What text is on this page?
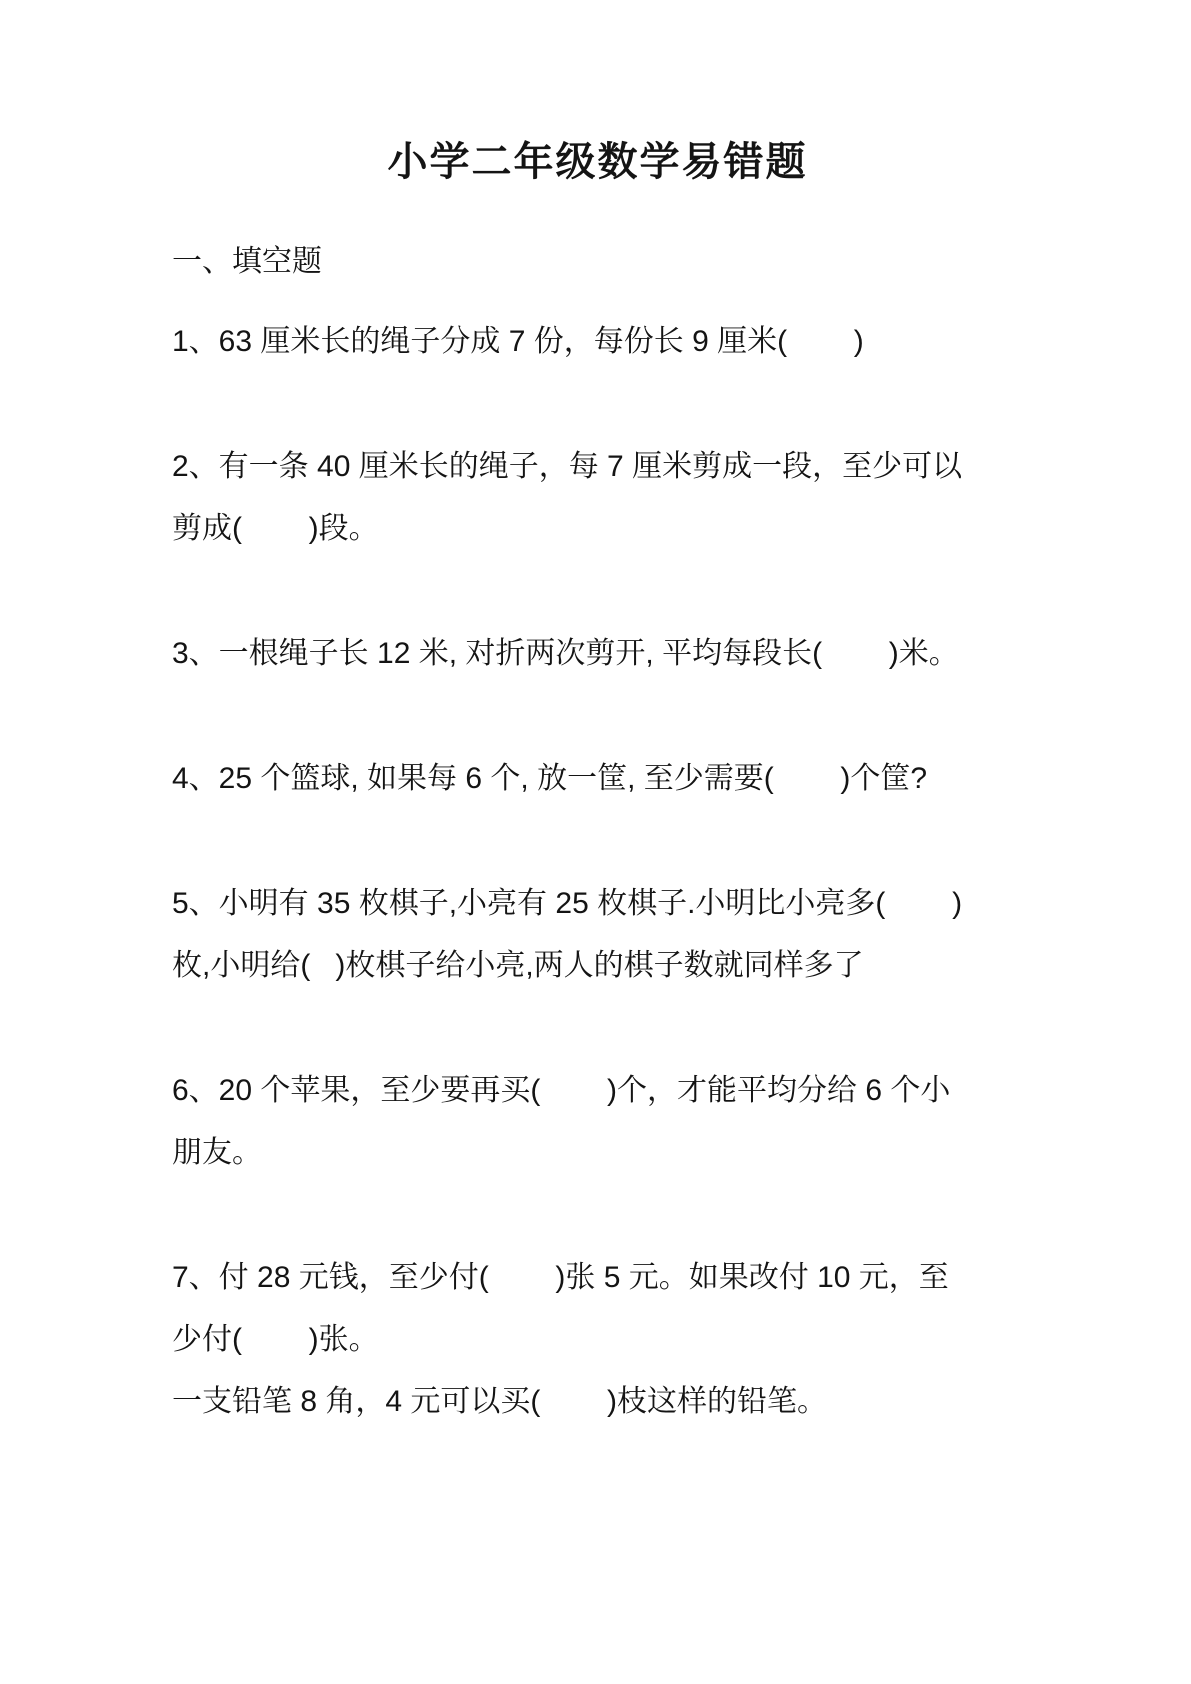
小学二年级数学易错题
一、填空题
1、63 厘米长的绳子分成 7 份，每份长 9 厘米(        )
2、有一条 40 厘米长的绳子，每 7 厘米剪成一段，至少可以
剪成(        )段。
3、一根绳子长 12 米, 对折两次剪开, 平均每段长(        )米。
4、25 个篮球, 如果每 6 个, 放一筐, 至少需要(        )个筐?
5、小明有 35 枚棋子,小亮有 25 枚棋子.小明比小亮多(        )
枚,小明给(   )枚棋子给小亮,两人的棋子数就同样多了
6、20 个苹果，至少要再买(        )个，才能平均分给 6 个小
朋友。
7、付 28 元钱，至少付(        )张 5 元。如果改付 10 元，至
少付(        )张。
一支铅笔 8 角，4 元可以买(        )枝这样的铅笔。
